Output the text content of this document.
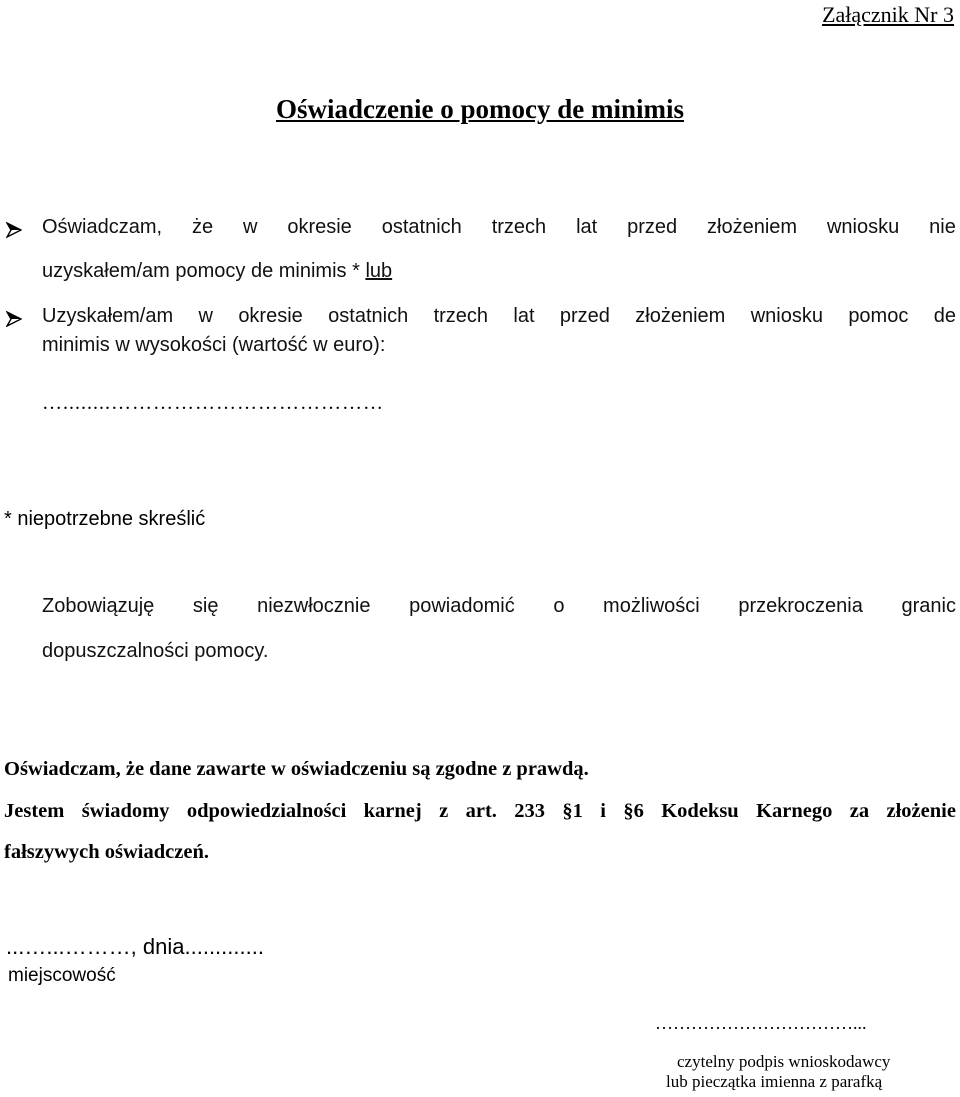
Załącznik Nr 3
Oświadczenie o pomocy de minimis
Oświadczam, że w okresie ostatnich trzech lat przed złożeniem wniosku nie
uzyskałem/am pomocy de minimis * lub
Uzyskałem/am w okresie ostatnich trzech lat przed złożeniem wniosku pomoc de
minimis w wysokości (wartość w euro):
…........…………………………………
* niepotrzebne skreślić
Zobowiązuję się niezwłocznie powiadomić o możliwości przekroczenia granic
dopuszczalności pomocy.
Oświadczam, że dane zawarte w oświadczeniu są zgodne z prawdą.
Jestem świadomy odpowiedzialności karnej z art. 233 §1 i §6 Kodeksu Karnego za złożenie
fałszywych oświadczeń.
...…...………, dnia.............
miejscowość
……………………………...
czytelny podpis wnioskodawcy
lub pieczątka imienna z parafką
